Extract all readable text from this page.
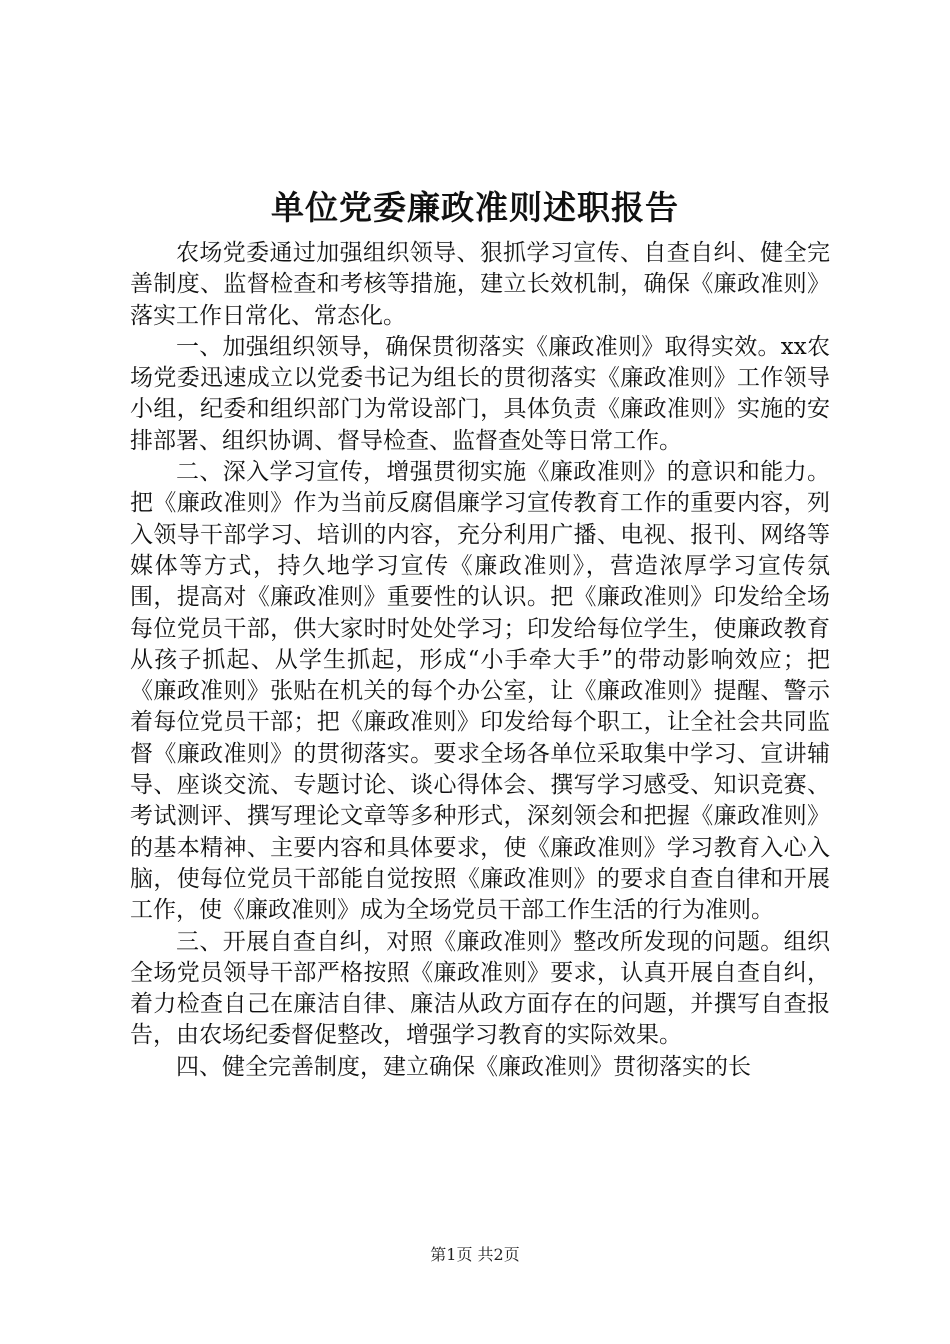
单位党委廉政准则述职报告

农场党委通过加强组织领导、狠抓学习宣传、自查自纠、健全完善制度、监督检查和考核等措施，建立长效机制，确保《廉政准则》落实工作日常化、常态化。

一、加强组织领导，确保贯彻落实《廉政准则》取得实效。xx农场党委迅速成立以党委书记为组长的贯彻落实《廉政准则》工作领导小组，纪委和组织部门为常设部门，具体负责《廉政准则》实施的安排部署、组织协调、督导检查、监督查处等日常工作。

二、深入学习宣传，增强贯彻实施《廉政准则》的意识和能力。把《廉政准则》作为当前反腐倡廉学习宣传教育工作的重要内容，列入领导干部学习、培训的内容，充分利用广播、电视、报刊、网络等媒体等方式，持久地学习宣传《廉政准则》，营造浓厚学习宣传氛围，提高对《廉政准则》重要性的认识。把《廉政准则》印发给全场每位党员干部，供大家时时处处学习；印发给每位学生，使廉政教育从孩子抓起、从学生抓起，形成“小手牵大手”的带动影响效应；把《廉政准则》张贴在机关的每个办公室，让《廉政准则》提醒、警示着每位党员干部；把《廉政准则》印发给每个职工，让全社会共同监督《廉政准则》的贯彻落实。要求全场各单位采取集中学习、宣讲辅导、座谈交流、专题讨论、谈心得体会、撰写学习感受、知识竞赛、考试测评、撰写理论文章等多种形式，深刻领会和把握《廉政准则》的基本精神、主要内容和具体要求，使《廉政准则》学习教育入心入脑，使每位党员干部能自觉按照《廉政准则》的要求自查自律和开展工作，使《廉政准则》成为全场党员干部工作生活的行为准则。

三、开展自查自纠，对照《廉政准则》整改所发现的问题。组织全场党员领导干部严格按照《廉政准则》要求，认真开展自查自纠，着力检查自己在廉洁自律、廉洁从政方面存在的问题，并撰写自查报告，由农场纪委督促整改，增强学习教育的实际效果。

四、健全完善制度，建立确保《廉政准则》贯彻落实的长

第1页 共2页
